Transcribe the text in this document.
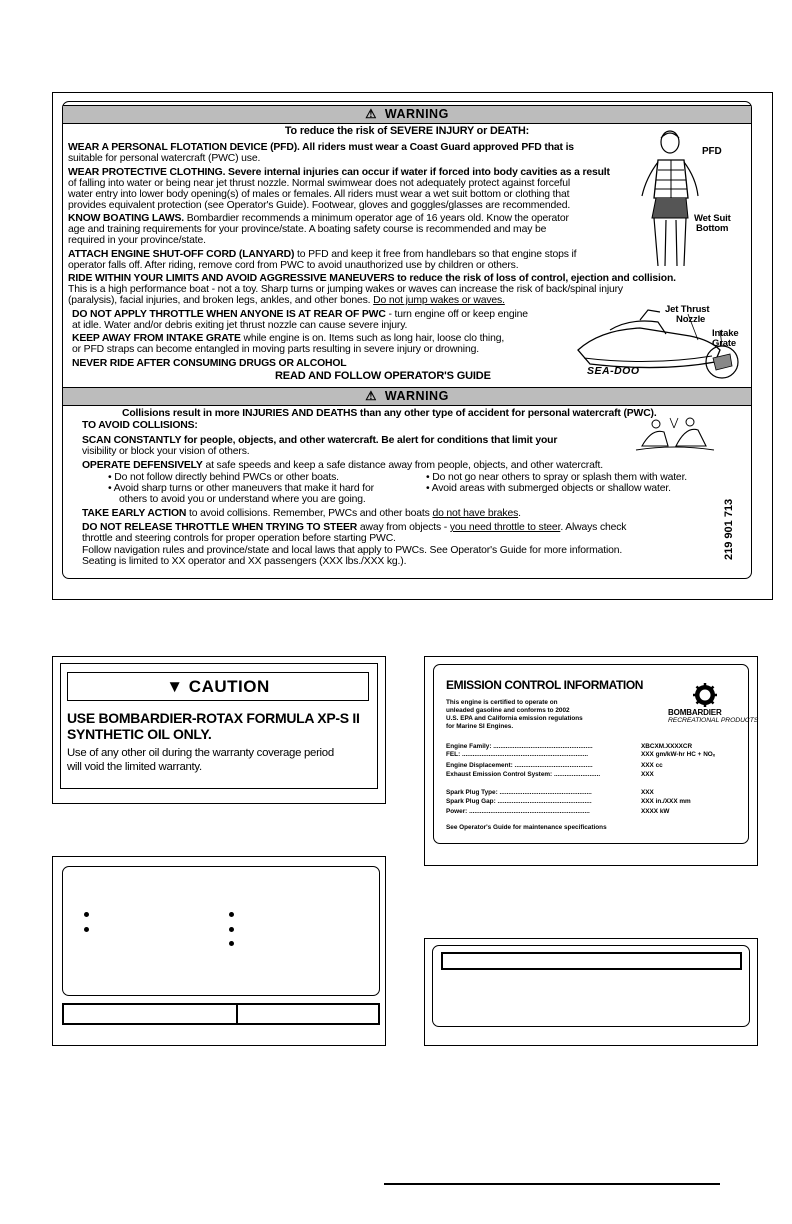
⚠ WARNING
To reduce the risk of SEVERE INJURY or DEATH:
WEAR A PERSONAL FLOTATION DEVICE (PFD). All riders must wear a Coast Guard approved PFD that is
suitable for personal watercraft (PWC) use.
WEAR PROTECTIVE CLOTHING. Severe internal injuries can occur if water if forced into body cavities as a result
of falling into water or being near jet thrust nozzle. Normal swimwear does not adequately protect against forceful
water entry into lower body opening(s) of males or females. All riders must wear a wet suit bottom or clothing that
provides equivalent protection (see Operator's Guide). Footwear, gloves and goggles/glasses are recommended.
KNOW BOATING LAWS. Bombardier recommends a minimum operator age of 16 years old. Know the operator
age and training requirements for your province/state. A boating safety course is recommended and may be
required in your province/state.
ATTACH ENGINE SHUT-OFF CORD (LANYARD) to PFD and keep it free from handlebars so that engine stops if
operator falls off. After riding, remove cord from PWC to avoid unauthorized use by children or others.
RIDE WITHIN YOUR LIMITS AND AVOID AGGRESSIVE MANEUVERS to reduce the risk of loss of control, ejection and collision.
This is a high performance boat - not a toy. Sharp turns or jumping wakes or waves can increase the risk of back/spinal injury
(paralysis), facial injuries, and broken legs, ankles, and other bones. Do not jump wakes or waves.
DO NOT APPLY THROTTLE WHEN ANYONE IS AT REAR OF PWC - turn engine off or keep engine
at idle. Water and/or debris exiting jet thrust nozzle can cause severe injury.
KEEP AWAY FROM INTAKE GRATE while engine is on. Items such as long hair, loose clo thing,
or PFD straps can become entangled in moving parts resulting in severe injury or drowning.
NEVER RIDE AFTER CONSUMING DRUGS OR ALCOHOL
READ AND FOLLOW OPERATOR'S GUIDE
PFD
Wet Suit
Bottom
Jet Thrust
Nozzle
Intake
Grate
SEA-DOO
⚠ WARNING
Collisions result in more INJURIES AND DEATHS than any other type of accident for personal watercraft (PWC).
TO AVOID COLLISIONS:
SCAN CONSTANTLY for people, objects, and other watercraft. Be alert for conditions that limit your
visibility or block your vision of others.
OPERATE DEFENSIVELY at safe speeds and keep a safe distance away from people, objects, and other watercraft.
• Do not follow directly behind PWCs or other boats.
• Avoid sharp turns or other maneuvers that make it hard for
others to avoid you or understand where you are going.
• Do not go near others to spray or splash them with water.
• Avoid areas with submerged objects or shallow water.
TAKE EARLY ACTION to avoid collisions. Remember, PWCs and other boats do not have brakes.
DO NOT RELEASE THROTTLE WHEN TRYING TO STEER away from objects - you need throttle to steer. Always check
throttle and steering controls for proper operation before starting PWC.
Follow navigation rules and province/state and local laws that apply to PWCs. See Operator's Guide for more information.
Seating is limited to XX operator and XX passengers (XXX lbs./XXX kg.).
219 901 713
▼ CAUTION
USE BOMBARDIER-ROTAX FORMULA XP-S II
SYNTHETIC OIL ONLY.
Use of any other oil during the warranty coverage period
will void the limited warranty.
EMISSION CONTROL INFORMATION
This engine is certified to operate on
unleaded gasoline and conforms to 2002
U.S. EPA and California emission regulations
for Marine SI Engines.
BOMBARDIER
RECREATIONAL PRODUCTS
Engine Family: ........................................................	XBCXM.XXXXCR
FEL: .......................................................................	XXX gm/kW-hr HC + NOₓ
Engine Displacement: ............................................	XXX cc
Exhaust Emission Control System: ..........................	XXX
Spark Plug Type: ....................................................	XXX
Spark Plug Gap: .....................................................	XXX in./XXX mm
Power: ....................................................................	XXXX kW
See Operator's Guide for maintenance specifications
